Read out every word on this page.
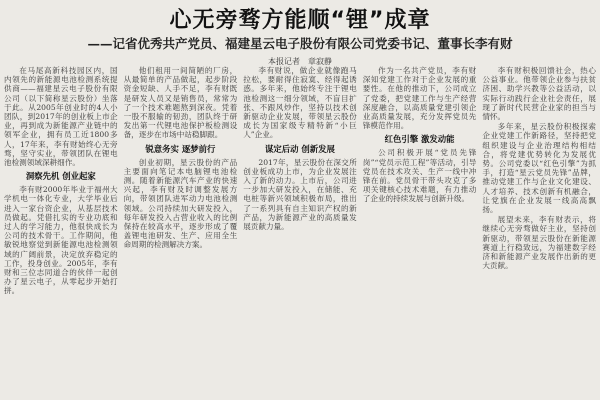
心无旁骛方能顺“锂”成章
——记省优秀共产党员、福建星云电子股份有限公司党委书记、董事长李有财
本报记者　章寂静

在马尾高新科技园区内，国内领先的新能源电池检测系统提供商——福建星云电子股份有限公司（以下简称星云股份）坐落于此。从2005年创业时的4人小团队，到2017年的创业板上市企业，再到成为新能源产业链中的领军企业，拥有员工近1800多人，17年来，李有财始终心无旁骛，坚守实业，带领团队在锂电池检测领域深耕细作。

洞察先机 创业起家

李有财2000年毕业于福州大学机电一体化专业，大学毕业后进入一家台资企业，从基层技术员做起。凭借扎实的专业功底和过人的学习能力，他很快成长为公司的技术骨干。工作期间，他敏锐地察觉到新能源电池检测领域的广阔前景，决定放弃稳定的工作，投身创业。2005年，李有财和三位志同道合的伙伴一起创办了星云电子，从零起步开始打拼。

他们租用一间简陋的厂房，从最简单的产品做起，起步阶段资金短缺、人手不足，李有财既是研发人员又是销售员，常常为了一个技术难题熬到深夜。凭着一股不服输的韧劲，团队终于研发出第一代锂电池保护板检测设备，逐步在市场中站稳脚跟。

锐意务实 逐梦前行

创业初期，星云股份的产品主要面向笔记本电脑锂电池检测。随着新能源汽车产业的快速兴起，李有财及时调整发展方向，带领团队进军动力电池检测领域。公司持续加大研发投入，每年研发投入占营业收入的比例保持在较高水平，逐步形成了覆盖锂电池研发、生产、应用全生命周期的检测解决方案。

李有财说，做企业就像跑马拉松，要耐得住寂寞、经得起诱惑。多年来，他始终专注于锂电池检测这一细分领域，不盲目扩张、不跟风炒作，坚持以技术创新驱动企业发展，带领星云股份成长为国家级专精特新“小巨人”企业。

谋定后动 创新发展

2017年，星云股份在深交所创业板成功上市，为企业发展注入了新的动力。上市后，公司进一步加大研发投入，在储能、充电桩等新兴领域积极布局，推出了一系列具有自主知识产权的新产品，为新能源产业的高质量发展贡献力量。

作为一名共产党员，李有财深知党建工作对于企业发展的重要性。在他的推动下，公司成立了党委，把党建工作与生产经营深度融合，以高质量党建引领企业高质量发展，充分发挥党员先锋模范作用。

红色引擎 激发动能

公司积极开展“党员先锋岗”“党员示范工程”等活动，引导党员在技术攻关、生产一线中冲锋在前。党员骨干带头攻克了多项关键核心技术难题，有力推动了企业的持续发展与创新升级。

李有财积极回馈社会，热心公益事业。他带领企业参与扶贫济困、助学兴教等公益活动，以实际行动践行企业社会责任，展现了新时代民营企业家的担当与情怀。

多年来，星云股份积极探索企业党建工作新路径，坚持把党组织建设与企业治理结构相结合，将党建优势转化为发展优势。公司党委以“红色引擎”为抓手，打造“星云党员先锋”品牌，推动党建工作与企业文化建设、人才培养、技术创新有机融合，让党旗在企业发展一线高高飘扬。

展望未来，李有财表示，将继续心无旁骛做好主业，坚持创新驱动，带领星云股份在新能源赛道上行稳致远，为福建数字经济和新能源产业发展作出新的更大贡献。
